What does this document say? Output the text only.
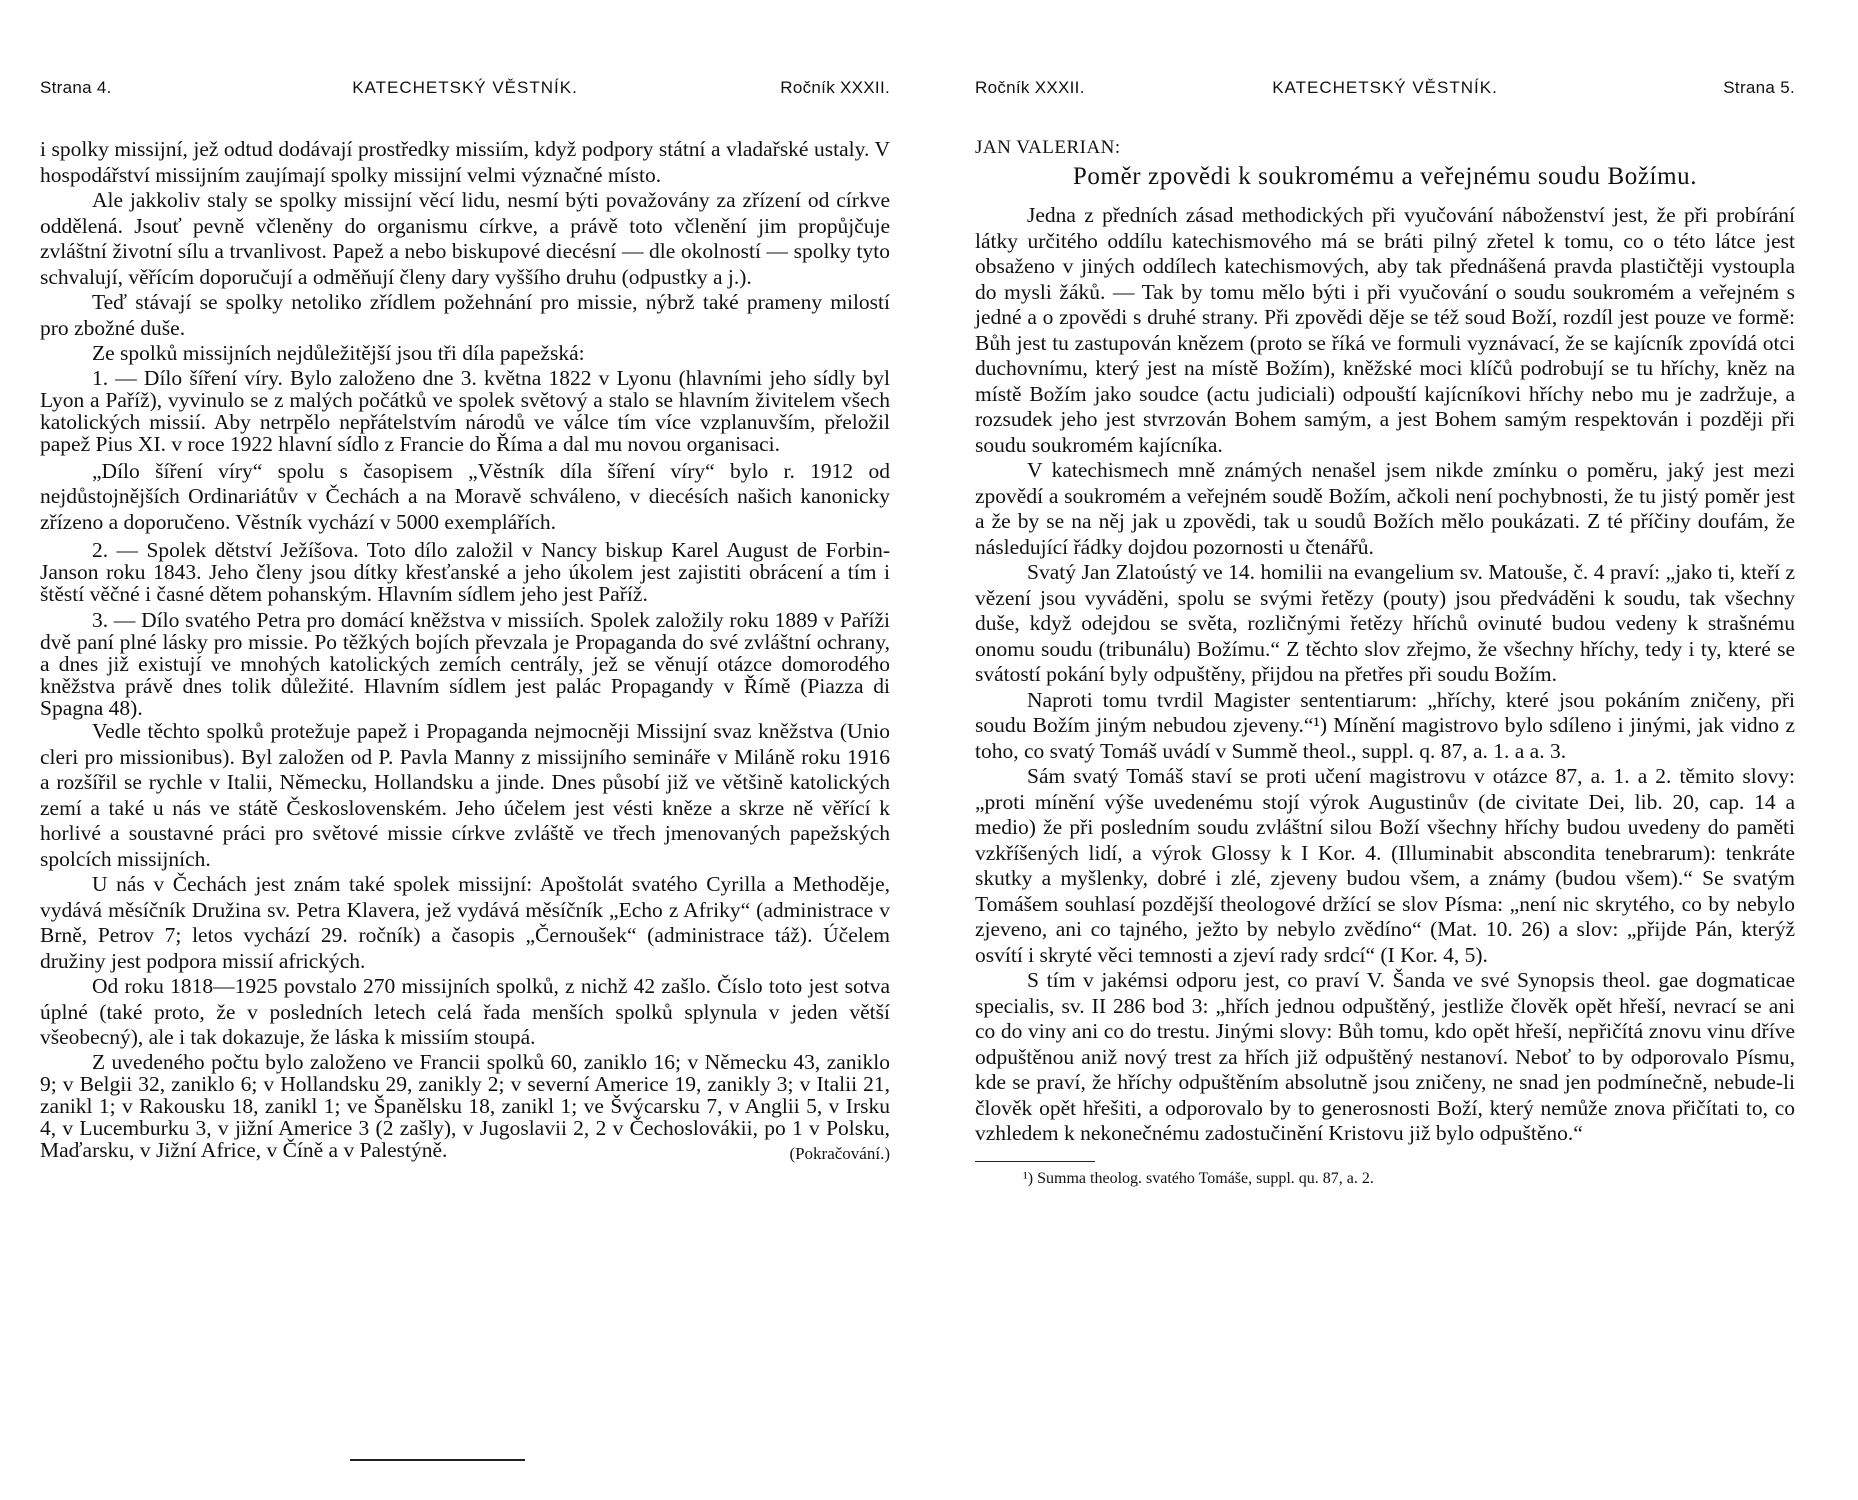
Strana 4.	KATECHETSKÝ VĚSTNÍK.	Ročník XXXII.

i spolky missijní, jež odtud dodávají prostředky missiím, když podpory státní a vladařské ustaly. V hospodářství missijním zaujímají spolky missijní velmi význačné místo.

Ale jakkoliv staly se spolky missijní věcí lidu, nesmí býti považovány za zřízení od církve oddělená. Jsouť pevně včleněny do organismu církve, a právě toto včlenění jim propůjčuje zvláštní životní sílu a trvanlivost. Papež a nebo biskupové diecésní — dle okolností — spolky tyto schvalují, věřícím doporučují a odměňují členy dary vyššího druhu (odpustky a j.).

Teď stávají se spolky netoliko zřídlem požehnání pro missie, nýbrž také prameny milostí pro zbožné duše.

Ze spolků missijních nejdůležitější jsou tři díla papežská:

1. — Dílo šíření víry. Bylo založeno dne 3. května 1822 v Lyonu (hlavními jeho sídly byl Lyon a Paříž), vyvinulo se z malých počátků ve spolek světový a stalo se hlavním živitelem všech katolických missií. Aby netrpělo nepřátelstvím národů ve válce tím více vzplanuvším, přeložil papež Pius XI. v roce 1922 hlavní sídlo z Francie do Říma a dal mu novou organisaci.

„Dílo šíření víry“ spolu s časopisem „Věstník díla šíření víry“ bylo r. 1912 od nejdůstojnějších Ordinariátův v Čechách a na Moravě schváleno, v diecésích našich kanonicky zřízeno a doporučeno. Věstník vychází v 5000 exemplářích.

2. — Spolek dětství Ježíšova. Toto dílo založil v Nancy biskup Karel August de Forbin-Janson roku 1843. Jeho členy jsou dítky křesťanské a jeho úkolem jest zajistiti obrácení a tím i štěstí věčné i časné dětem pohanským. Hlavním sídlem jeho jest Paříž.

3. — Dílo svatého Petra pro domácí kněžstva v missiích. Spolek založily roku 1889 v Paříži dvě paní plné lásky pro missie. Po těžkých bojích převzala je Propaganda do své zvláštní ochrany, a dnes již existují ve mnohých katolických zemích centrály, jež se věnují otázce domorodého kněžstva právě dnes tolik důležité. Hlavním sídlem jest palác Propagandy v Římě (Piazza di Spagna 48).

Vedle těchto spolků protežuje papež i Propaganda nejmocněji Missijní svaz kněžstva (Unio cleri pro missionibus). Byl založen od P. Pavla Manny z missijního semináře v Miláně roku 1916 a rozšířil se rychle v Italii, Německu, Hollandsku a jinde. Dnes působí již ve většině katolických zemí a také u nás ve státě Československém. Jeho účelem jest vésti kněze a skrze ně věřící k horlivé a soustavné práci pro světové missie církve zvláště ve třech jmenovaných papežských spolcích missijních.

U nás v Čechách jest znám také spolek missijní: Apoštolát svatého Cyrilla a Methoděje, vydává měsíčník Družina sv. Petra Klavera, jež vydává měsíčník „Echo z Afriky“ (administrace v Brně, Petrov 7; letos vychází 29. ročník) a časopis „Černoušek“ (administrace táž). Účelem družiny jest podpora missií afrických.

Od roku 1818—1925 povstalo 270 missijních spolků, z nichž 42 zašlo. Číslo toto jest sotva úplné (také proto, že v posledních letech celá řada menších spolků splynula v jeden větší všeobecný), ale i tak dokazuje, že láska k missiím stoupá.

Z uvedeného počtu bylo založeno ve Francii spolků 60, zaniklo 16; v Německu 43, zaniklo 9; v Belgii 32, zaniklo 6; v Hollandsku 29, zanikly 2; v severní Americe 19, zanikly 3; v Italii 21, zanikl 1; v Rakousku 18, zanikl 1; ve Španělsku 18, zanikl 1; ve Švýcarsku 7, v Anglii 5, v Irsku 4, v Lucemburku 3, v jižní Americe 3 (2 zašly), v Jugoslavii 2, 2 v Čechoslovákii, po 1 v Polsku, Maďarsku, v Jižní Africe, v Číně a v Palestýně.	(Pokračování.)

Ročník XXXII.	KATECHETSKÝ VĚSTNÍK.	Strana 5.

JAN VALERIAN:

Poměr zpovědi k soukromému a veřejnému soudu Božímu.

Jedna z předních zásad methodických při vyučování náboženství jest, že při probírání látky určitého oddílu katechismového má se bráti pilný zřetel k tomu, co o této látce jest obsaženo v jiných oddílech katechismových, aby tak přednášená pravda plastičtěji vystoupla do mysli žáků. — Tak by tomu mělo býti i při vyučování o soudu soukromém a veřejném s jedné a o zpovědi s druhé strany. Při zpovědi děje se též soud Boží, rozdíl jest pouze ve formě: Bůh jest tu zastupován knězem (proto se říká ve formuli vyznávací, že se kajícník zpovídá otci duchovnímu, který jest na místě Božím), kněžské moci klíčů podrobují se tu hříchy, kněz na místě Božím jako soudce (actu judiciali) odpouští kajícníkovi hříchy nebo mu je zadržuje, a rozsudek jeho jest stvrzován Bohem samým, a jest Bohem samým respektován i později při soudu soukromém kajícníka.

V katechismech mně známých nenašel jsem nikde zmínku o poměru, jaký jest mezi zpovědí a soukromém a veřejném soudě Božím, ačkoli není pochybnosti, že tu jistý poměr jest a že by se na něj jak u zpovědi, tak u soudů Božích mělo poukázati. Z té příčiny doufám, že následující řádky dojdou pozornosti u čtenářů.

Svatý Jan Zlatoústý ve 14. homilii na evangelium sv. Matouše, č. 4 praví: „jako ti, kteří z vězení jsou vyváděni, spolu se svými řetězy (pouty) jsou předváděni k soudu, tak všechny duše, když odejdou se světa, rozličnými řetězy hříchů ovinuté budou vedeny k strašnému onomu soudu (tribunálu) Božímu.“ Z těchto slov zřejmo, že všechny hříchy, tedy i ty, které se svátostí pokání byly odpuštěny, přijdou na přetřes při soudu Božím.

Naproti tomu tvrdil Magister sententiarum: „hříchy, které jsou pokáním zničeny, při soudu Božím jiným nebudou zjeveny.“¹) Mínění magistrovo bylo sdíleno i jinými, jak vidno z toho, co svatý Tomáš uvádí v Summě theol., suppl. q. 87, a. 1. a a. 3.

Sám svatý Tomáš staví se proti učení magistrovu v otázce 87, a. 1. a 2. těmito slovy: „proti mínění výše uvedenému stojí výrok Augustinův (de civitate Dei, lib. 20, cap. 14 a medio) že při posledním soudu zvláštní silou Boží všechny hříchy budou uvedeny do paměti vzkříšených lidí, a výrok Glossy k I Kor. 4. (Illuminabit abscondita tenebrarum): tenkráte skutky a myšlenky, dobré i zlé, zjeveny budou všem, a známy (budou všem).“ Se svatým Tomášem souhlasí pozdější theologové držící se slov Písma: „není nic skrytého, co by nebylo zjeveno, ani co tajného, ježto by nebylo zvědíno“ (Mat. 10. 26) a slov: „přijde Pán, kterýž osvítí i skryté věci temnosti a zjeví rady srdcí“ (I Kor. 4, 5).

S tím v jakémsi odporu jest, co praví V. Šanda ve své Synopsis theol. gae dogmaticae specialis, sv. II 286 bod 3: „hřích jednou odpuštěný, jestliže člověk opět hřeší, nevrací se ani co do viny ani co do trestu. Jinými slovy: Bůh tomu, kdo opět hřeší, nepřičítá znovu vinu dříve odpuštěnou aniž nový trest za hřích již odpuštěný nestanoví. Neboť to by odporovalo Písmu, kde se praví, že hříchy odpuštěním absolutně jsou zničeny, ne snad jen podmínečně, nebude-li člověk opět hřešiti, a odporovalo by to generosnosti Boží, který nemůže znova přičítati to, co vzhledem k nekonečnému zadostučinění Kristovu již bylo odpuštěno.“

¹) Summa theolog. svatého Tomáše, suppl. qu. 87, a. 2.
